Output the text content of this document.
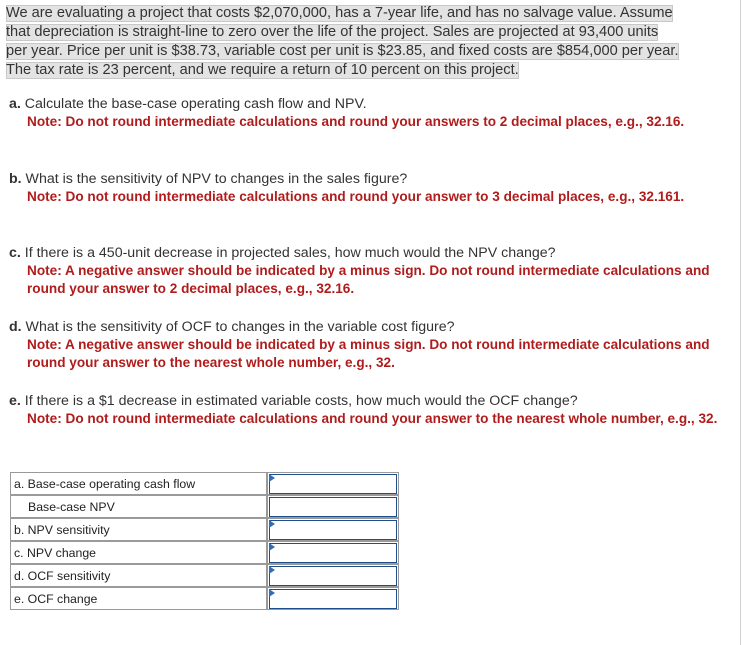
We are evaluating a project that costs $2,070,000, has a 7-year life, and has no salvage value. Assume
that depreciation is straight-line to zero over the life of the project. Sales are projected at 93,400 units
per year. Price per unit is $38.73, variable cost per unit is $23.85, and fixed costs are $854,000 per year.
The tax rate is 23 percent, and we require a return of 10 percent on this project.
a. Calculate the base-case operating cash flow and NPV.
Note: Do not round intermediate calculations and round your answers to 2 decimal places, e.g., 32.16.
b. What is the sensitivity of NPV to changes in the sales figure?
Note: Do not round intermediate calculations and round your answer to 3 decimal places, e.g., 32.161.
c. If there is a 450-unit decrease in projected sales, how much would the NPV change?
Note: A negative answer should be indicated by a minus sign. Do not round intermediate calculations and round your answer to 2 decimal places, e.g., 32.16.
d. What is the sensitivity of OCF to changes in the variable cost figure?
Note: A negative answer should be indicated by a minus sign. Do not round intermediate calculations and round your answer to the nearest whole number, e.g., 32.
e. If there is a $1 decrease in estimated variable costs, how much would the OCF change?
Note: Do not round intermediate calculations and round your answer to the nearest whole number, e.g., 32.
a. Base-case operating cash flow	

Base-case NPV	

b. NPV sensitivity	

c. NPV change	

d. OCF sensitivity	

e. OCF change	
